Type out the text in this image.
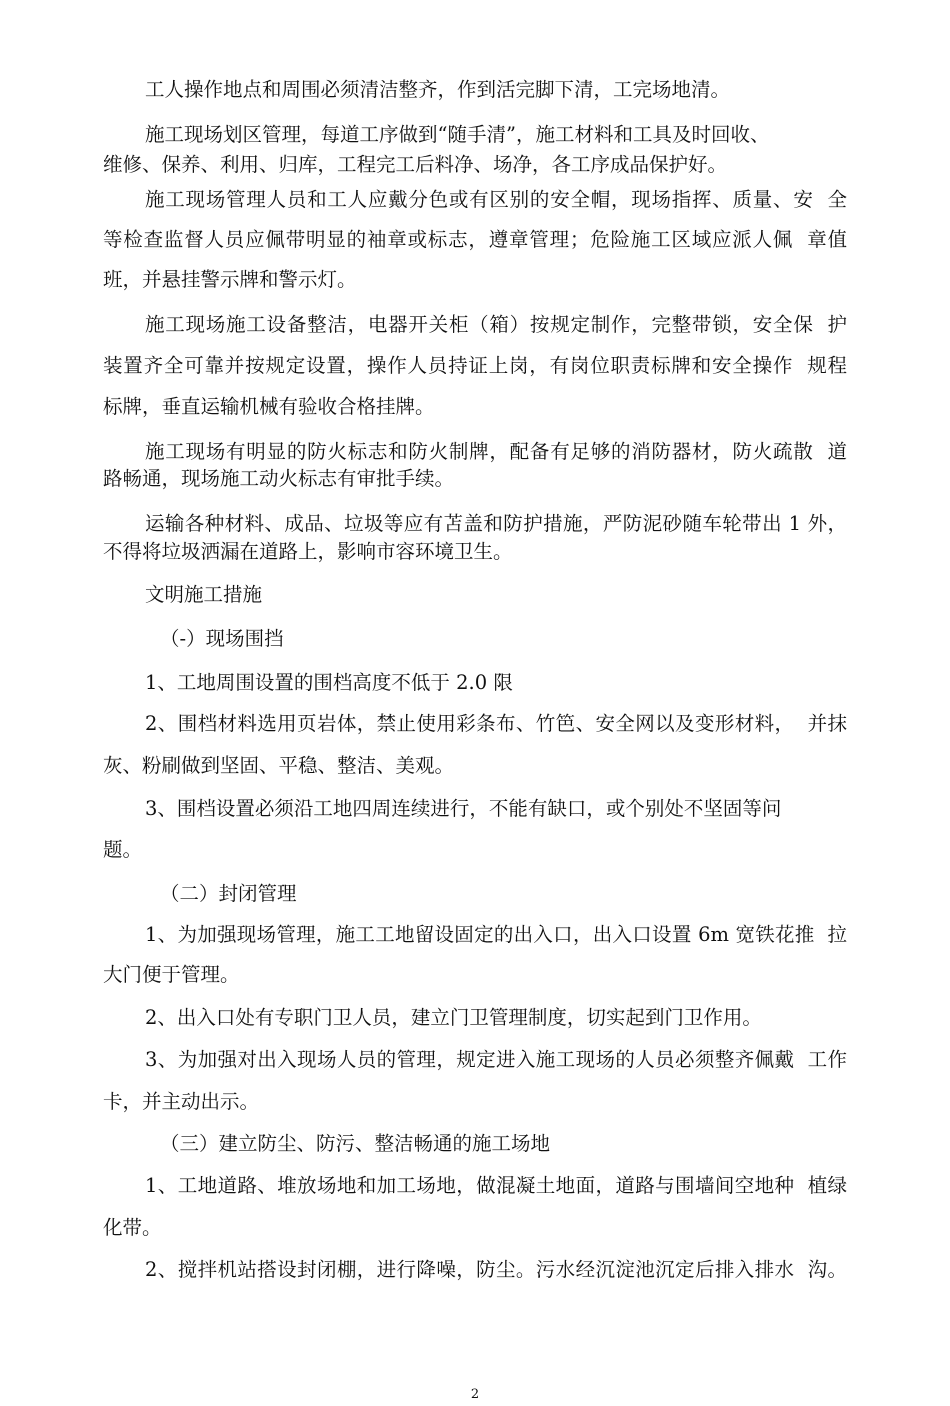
工人操作地点和周围必须清洁整齐，作到活完脚下清，工完场地清。

施工现场划区管理，每道工序做到“随手清”，施工材料和工具及时回收、

维修、保养、利用、归库，工程完工后料净、场净，各工序成品保护好。

施工现场管理人员和工人应戴分色或有区别的安全帽，现场指挥、质量、安  全

等检查监督人员应佩带明显的袖章或标志，遵章管理；危险施工区域应派人佩  章值

班，并悬挂警示牌和警示灯。

施工现场施工设备整洁，电器开关柜（箱）按规定制作，完整带锁，安全保  护

装置齐全可靠并按规定设置，操作人员持证上岗，有岗位职责标牌和安全操作  规程

标牌，垂直运输机械有验收合格挂牌。

施工现场有明显的防火标志和防火制牌，配备有足够的消防器材，防火疏散  道

路畅通，现场施工动火标志有审批手续。

运输各种材料、成品、垃圾等应有苫盖和防护措施，严防泥砂随车轮带出 1 外，

不得将垃圾洒漏在道路上，影响市容环境卫生。

文明施工措施

（-）现场围挡

1、工地周围设置的围档高度不低于 2.0 限

2、围档材料选用页岩体，禁止使用彩条布、竹笆、安全网以及变形材料，  并抹

灰、粉刷做到坚固、平稳、整洁、美观。

3、围档设置必须沿工地四周连续进行，不能有缺口，或个别处不坚固等问

题。

（二）封闭管理

1、为加强现场管理，施工工地留设固定的出入口，出入口设置 6m 宽铁花推  拉

大门便于管理。

2、出入口处有专职门卫人员，建立门卫管理制度，切实起到门卫作用。

3、为加强对出入现场人员的管理，规定进入施工现场的人员必须整齐佩戴  工作

卡，并主动出示。

（三）建立防尘、防污、整洁畅通的施工场地

1、工地道路、堆放场地和加工场地，做混凝土地面，道路与围墙间空地种  植绿

化带。

2、搅拌机站搭设封闭棚，进行降噪，防尘。污水经沉淀池沉定后排入排水  沟。

2
